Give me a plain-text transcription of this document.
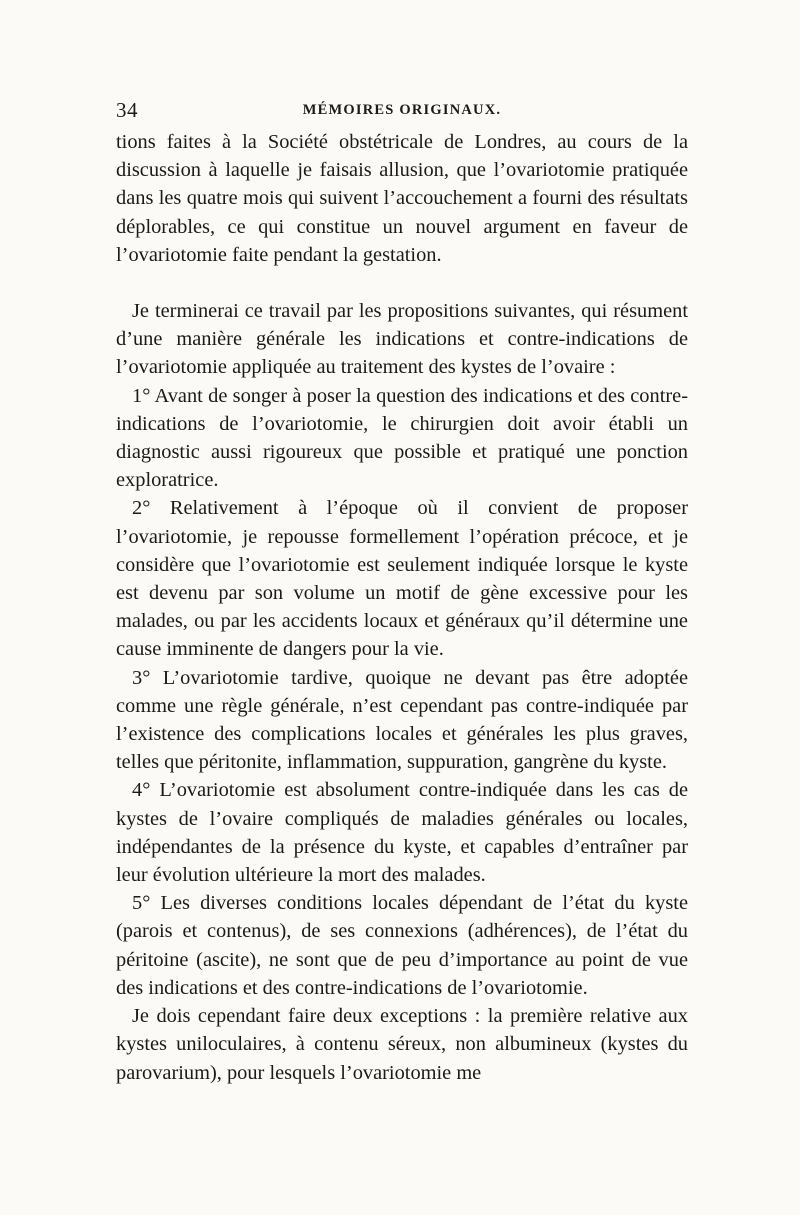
34	MÉMOIRES ORIGINAUX.

tions faites à la Société obstétricale de Londres, au cours de la discussion à laquelle je faisais allusion, que l’ovariotomie pratiquée dans les quatre mois qui suivent l’accouchement a fourni des résultats déplorables, ce qui constitue un nouvel argument en faveur de l’ovariotomie faite pendant la gestation.

Je terminerai ce travail par les propositions suivantes, qui résument d’une manière générale les indications et contre-indications de l’ovariotomie appliquée au traitement des kystes de l’ovaire :

1° Avant de songer à poser la question des indications et des contre-indications de l’ovariotomie, le chirurgien doit avoir établi un diagnostic aussi rigoureux que possible et pratiqué une ponction exploratrice.

2° Relativement à l’époque où il convient de proposer l’ovariotomie, je repousse formellement l’opération précoce, et je considère que l’ovariotomie est seulement indiquée lorsque le kyste est devenu par son volume un motif de gène excessive pour les malades, ou par les accidents locaux et généraux qu’il détermine une cause imminente de dangers pour la vie.

3° L’ovariotomie tardive, quoique ne devant pas être adoptée comme une règle générale, n’est cependant pas contre-indiquée par l’existence des complications locales et générales les plus graves, telles que péritonite, inflammation, suppuration, gangrène du kyste.

4° L’ovariotomie est absolument contre-indiquée dans les cas de kystes de l’ovaire compliqués de maladies générales ou locales, indépendantes de la présence du kyste, et capables d’entraîner par leur évolution ultérieure la mort des malades.

5° Les diverses conditions locales dépendant de l’état du kyste (parois et contenus), de ses connexions (adhérences), de l’état du péritoine (ascite), ne sont que de peu d’importance au point de vue des indications et des contre-indications de l’ovariotomie.

Je dois cependant faire deux exceptions : la première relative aux kystes uniloculaires, à contenu séreux, non albumineux (kystes du parovarium), pour lesquels l’ovariotomie me
